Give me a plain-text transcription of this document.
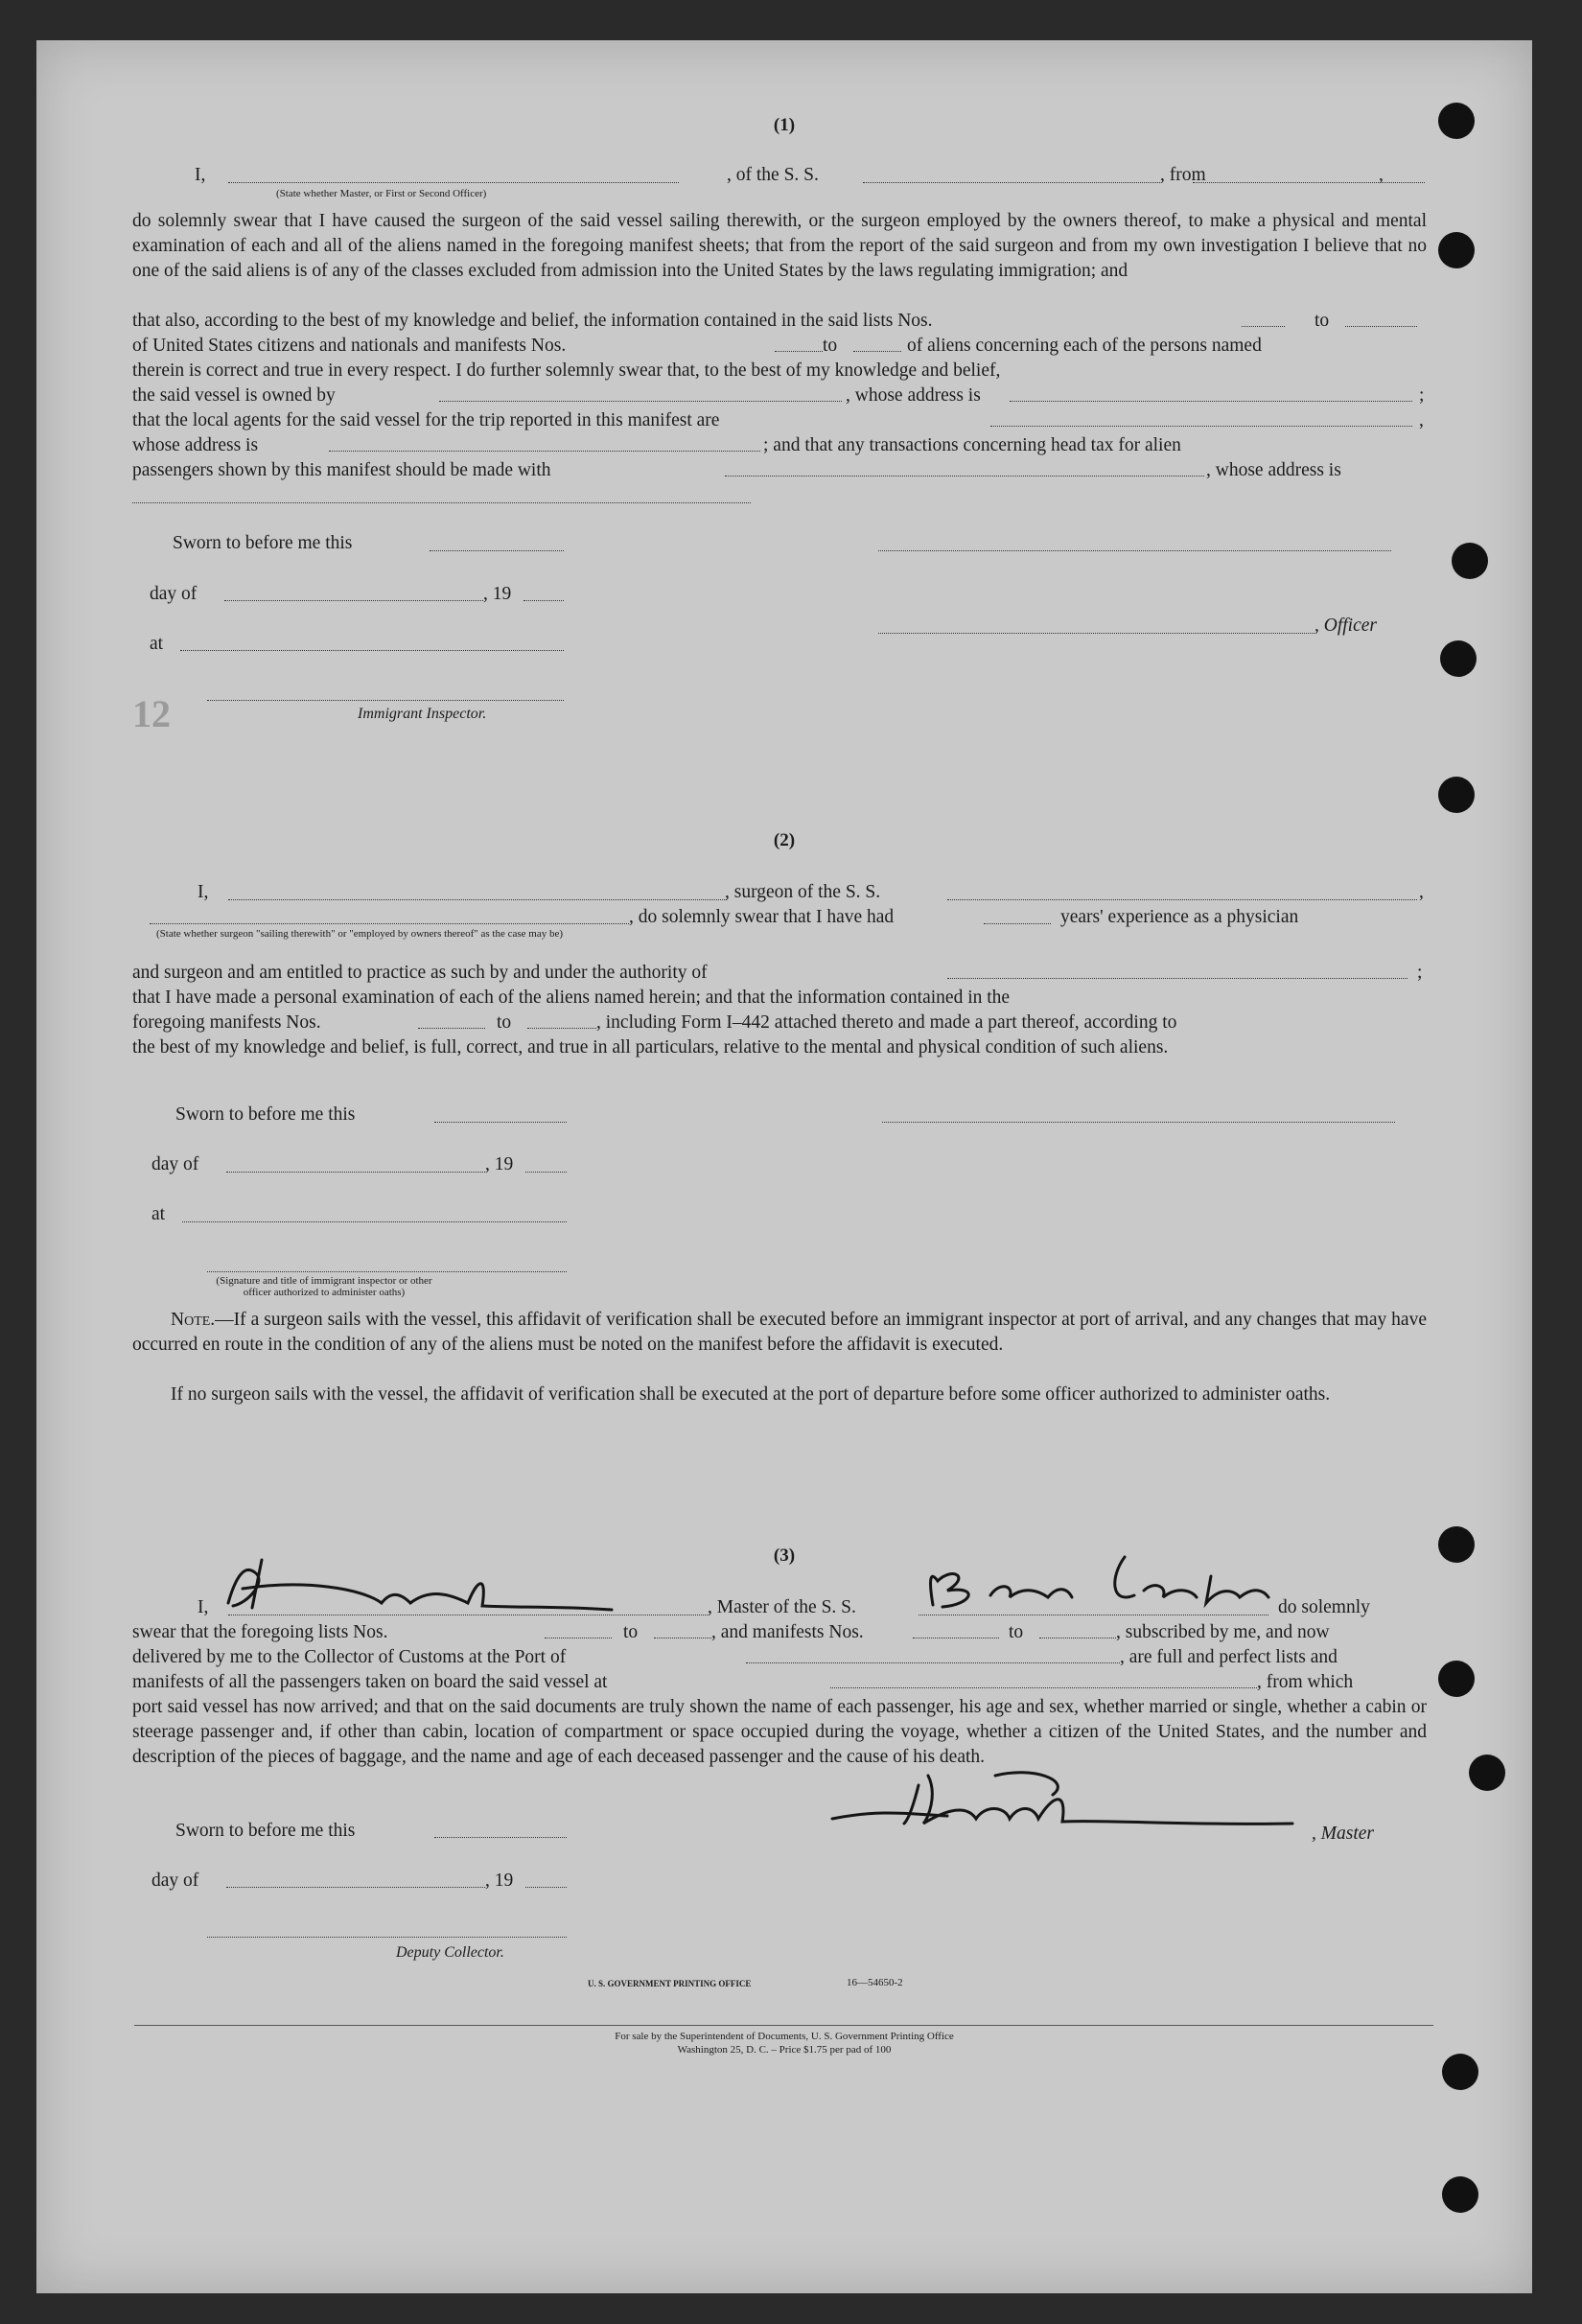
12
(1)
I,	, of the S. S.	, from	,
(State whether Master, or First or Second Officer)
do solemnly swear that I have caused the surgeon of the said vessel sailing therewith, or the surgeon employed by the owners thereof, to make a physical and mental examination of each and all of the aliens named in the foregoing manifest sheets; that from the report of the said surgeon and from my own investigation I believe that no one of the said aliens is of any of the classes excluded from admission into the United States by the laws regulating immigration; and
that also, according to the best of my knowledge and belief, the information contained in the said lists Nos.	to
of United States citizens and nationals and manifests Nos.	to	of aliens concerning each of the persons named
therein is correct and true in every respect. I do further solemnly swear that, to the best of my knowledge and belief,
the said vessel is owned by	, whose address is	;
that the local agents for the said vessel for the trip reported in this manifest are	,
whose address is	; and that any transactions concerning head tax for alien
passengers shown by this manifest should be made with	, whose address is
Sworn to before me this
day of	, 19
, Officer
at
Immigrant Inspector.
(2)
I,	, surgeon of the S. S.	,
, do solemnly swear that I have had	years' experience as a physician
(State whether surgeon "sailing therewith" or "employed by owners thereof" as the case may be)
and surgeon and am entitled to practice as such by and under the authority of	;
that I have made a personal examination of each of the aliens named herein; and that the information contained in the
foregoing manifests Nos.	to	, including Form I–442 attached thereto and made a part thereof, according to
the best of my knowledge and belief, is full, correct, and true in all particulars, relative to the mental and physical condition of such aliens.
Sworn to before me this
day of	, 19
at
(Signature and title of immigrant inspector or other officer authorized to administer oaths)
Note.—If a surgeon sails with the vessel, this affidavit of verification shall be executed before an immigrant inspector at port of arrival, and any changes that may have occurred en route in the condition of any of the aliens must be noted on the manifest before the affidavit is executed.
If no surgeon sails with the vessel, the affidavit of verification shall be executed at the port of departure before some officer authorized to administer oaths.
(3)
I,	, Master of the S. S.	do solemnly
Bau Santos
swear that the foregoing lists Nos.	to	, and manifests Nos.	to	, subscribed by me, and now
delivered by me to the Collector of Customs at the Port of	, are full and perfect lists and
manifests of all the passengers taken on board the said vessel at	, from which
port said vessel has now arrived; and that on the said documents are truly shown the name of each passenger, his age and sex, whether married or single, whether a cabin or steerage passenger and, if other than cabin, location of compartment or space occupied during the voyage, whether a citizen of the United States, and the number and description of the pieces of baggage, and the name and age of each deceased passenger and the cause of his death.
Sworn to before me this	, Master
day of	, 19
Deputy Collector.
U. S. GOVERNMENT PRINTING OFFICE	16—54650-2
For sale by the Superintendent of Documents, U. S. Government Printing Office
Washington 25, D. C. – Price $1.75 per pad of 100
